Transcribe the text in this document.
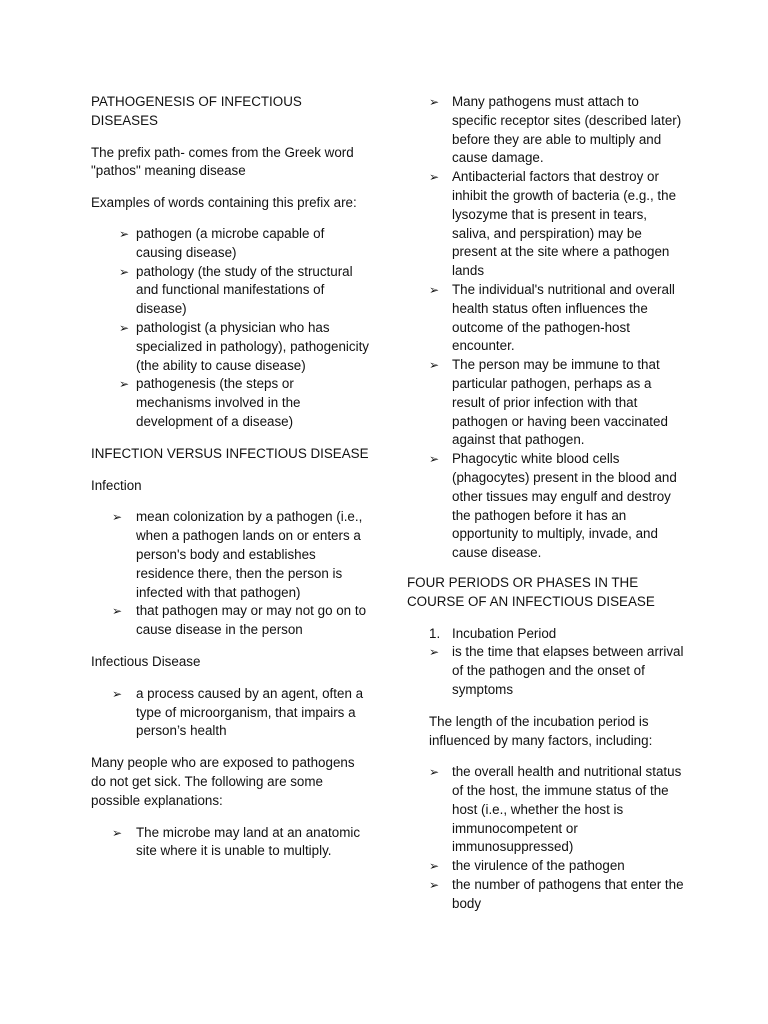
PATHOGENESIS OF INFECTIOUS DISEASES

The prefix path- comes from the Greek word "pathos" meaning disease

Examples of words containing this prefix are:

➢ pathogen (a microbe capable of causing disease)
➢ pathology (the study of the structural and functional manifestations of disease)
➢ pathologist (a physician who has specialized in pathology), pathogenicity (the ability to cause disease)
➢ pathogenesis (the steps or mechanisms involved in the development of a disease)

INFECTION VERSUS INFECTIOUS DISEASE

Infection

➢ mean colonization by a pathogen (i.e., when a pathogen lands on or enters a person's body and establishes residence there, then the person is infected with that pathogen)
➢ that pathogen may or may not go on to cause disease in the person

Infectious Disease

➢ a process caused by an agent, often a type of microorganism, that impairs a person’s health

Many people who are exposed to pathogens do not get sick. The following are some possible explanations:

➢ The microbe may land at an anatomic site where it is unable to multiply.
➢ Many pathogens must attach to specific receptor sites (described later) before they are able to multiply and cause damage.
➢ Antibacterial factors that destroy or inhibit the growth of bacteria (e.g., the lysozyme that is present in tears, saliva, and perspiration) may be present at the site where a pathogen lands
➢ The individual's nutritional and overall health status often influences the outcome of the pathogen-host encounter.
➢ The person may be immune to that particular pathogen, perhaps as a result of prior infection with that pathogen or having been vaccinated against that pathogen.
➢ Phagocytic white blood cells (phagocytes) present in the blood and other tissues may engulf and destroy the pathogen before it has an opportunity to multiply, invade, and cause disease.

FOUR PERIODS OR PHASES IN THE COURSE OF AN INFECTIOUS DISEASE

1. Incubation Period
➢ is the time that elapses between arrival of the pathogen and the onset of symptoms

The length of the incubation period is influenced by many factors, including:

➢ the overall health and nutritional status of the host, the immune status of the host (i.e., whether the host is immunocompetent or immunosuppressed)
➢ the virulence of the pathogen
➢ the number of pathogens that enter the body
